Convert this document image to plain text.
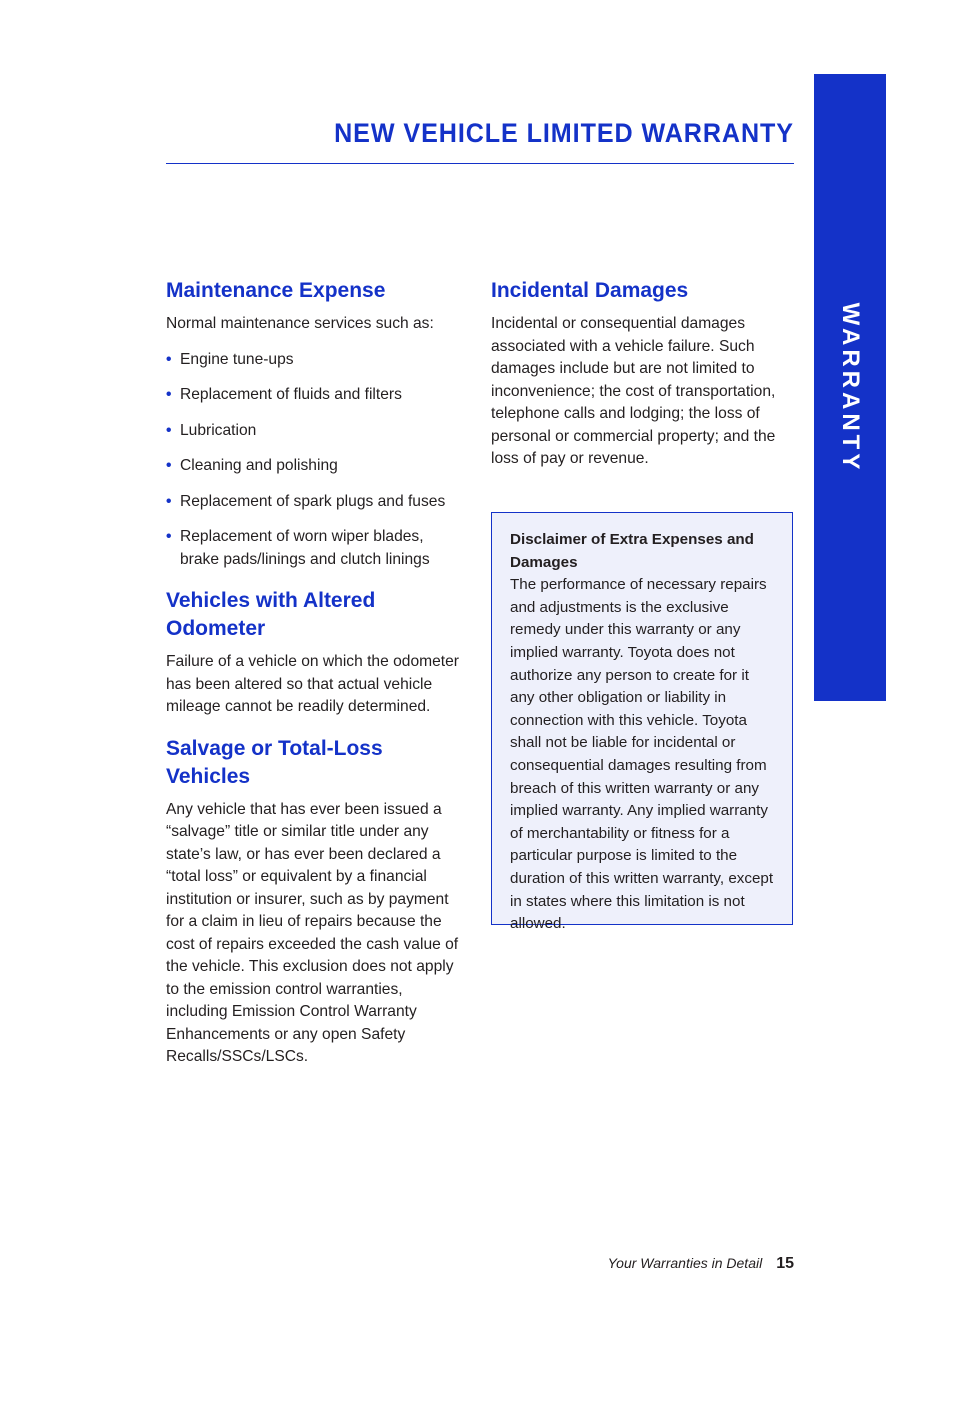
NEW VEHICLE LIMITED WARRANTY
WARRANTY
Maintenance Expense

Normal maintenance services such as:

• Engine tune-ups
• Replacement of fluids and filters
• Lubrication
• Cleaning and polishing
• Replacement of spark plugs and fuses
• Replacement of worn wiper blades, brake pads/linings and clutch linings
Vehicles with Altered Odometer

Failure of a vehicle on which the odometer has been altered so that actual vehicle mileage cannot be readily determined.

Salvage or Total-Loss Vehicles

Any vehicle that has ever been issued a “salvage” title or similar title under any state’s law, or has ever been declared a “total loss” or equivalent by a financial institution or insurer, such as by payment for a claim in lieu of repairs because the cost of repairs exceeded the cash value of the vehicle. This exclusion does not apply to the emission control warranties, including Emission Control Warranty Enhancements or any open Safety Recalls/SSCs/LSCs.

Incidental Damages

Incidental or consequential damages associated with a vehicle failure. Such damages include but are not limited to inconvenience; the cost of transportation, telephone calls and lodging; the loss of personal or commercial property; and the loss of pay or revenue.

Disclaimer of Extra Expenses and Damages
The performance of necessary repairs and adjustments is the exclusive remedy under this warranty or any implied warranty. Toyota does not authorize any person to create for it any other obligation or liability in connection with this vehicle. Toyota shall not be liable for incidental or consequential damages resulting from breach of this written warranty or any implied warranty. Any implied warranty of merchantability or fitness for a particular purpose is limited to the duration of this written warranty, except in states where this limitation is not allowed.
Your Warranties in Detail 15
